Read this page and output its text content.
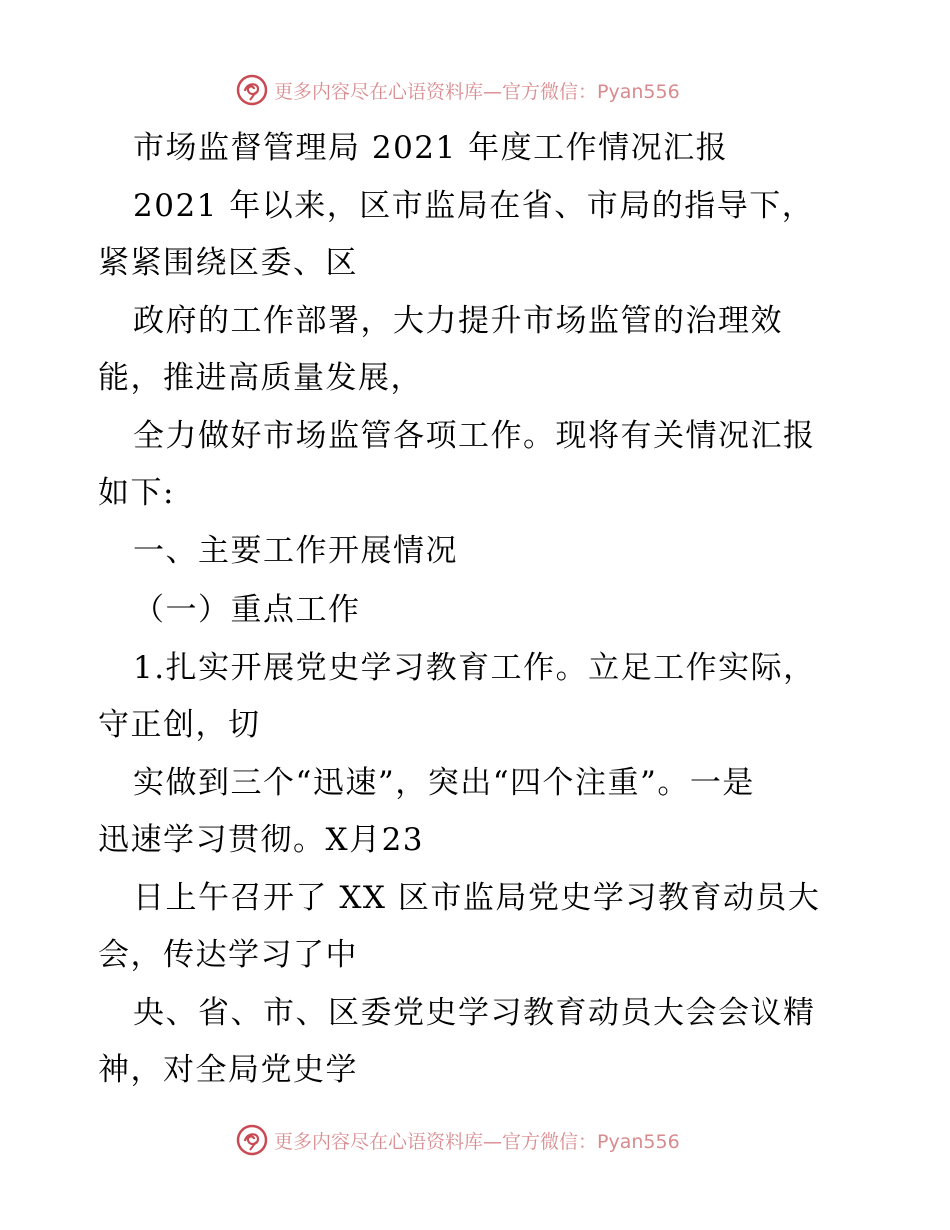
更多内容尽在心语资料库—官方微信：Pyan556
市场监督管理局 2021 年度工作情况汇报
2021 年以来，区市监局在省、市局的指导下，
紧紧围绕区委、区
政府的工作部署，大力提升市场监管的治理效
能，推进高质量发展，
全力做好市场监管各项工作。现将有关情况汇报
如下:
一、主要工作开展情况
（一）重点工作
1.扎实开展党史学习教育工作。立足工作实际，
守正创，切
实做到三个“迅速”，突出“四个注重”。一是
迅速学习贯彻。X月23
日上午召开了 XX 区市监局党史学习教育动员大
会，传达学习了中
央、省、市、区委党史学习教育动员大会会议精
神，对全局党史学
更多内容尽在心语资料库—官方微信：Pyan556
